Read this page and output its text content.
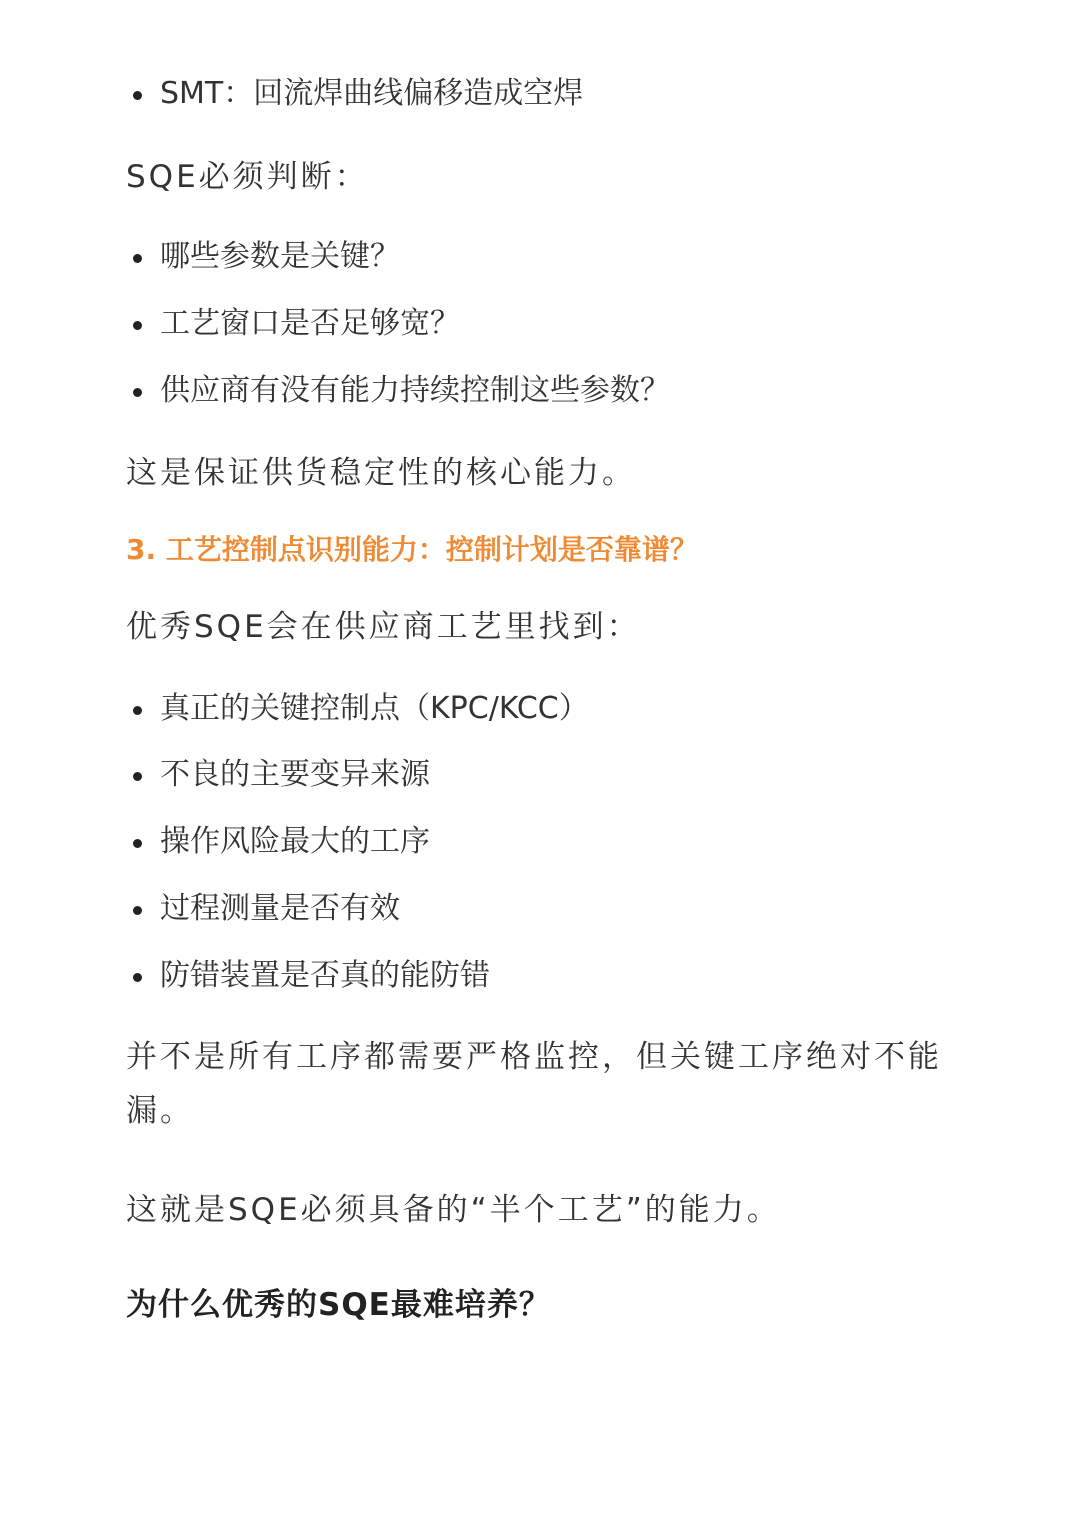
SMT：回流焊曲线偏移造成空焊

SQE必须判断：

哪些参数是关键？
工艺窗口是否足够宽？
供应商有没有能力持续控制这些参数？

这是保证供货稳定性的核心能力。

3. 工艺控制点识别能力：控制计划是否靠谱？

优秀SQE会在供应商工艺里找到：

真正的关键控制点（KPC/KCC）
不良的主要变异来源
操作风险最大的工序
过程测量是否有效
防错装置是否真的能防错

并不是所有工序都需要严格监控，但关键工序绝对不能漏。

这就是SQE必须具备的“半个工艺”的能力。

为什么优秀的SQE最难培养？
